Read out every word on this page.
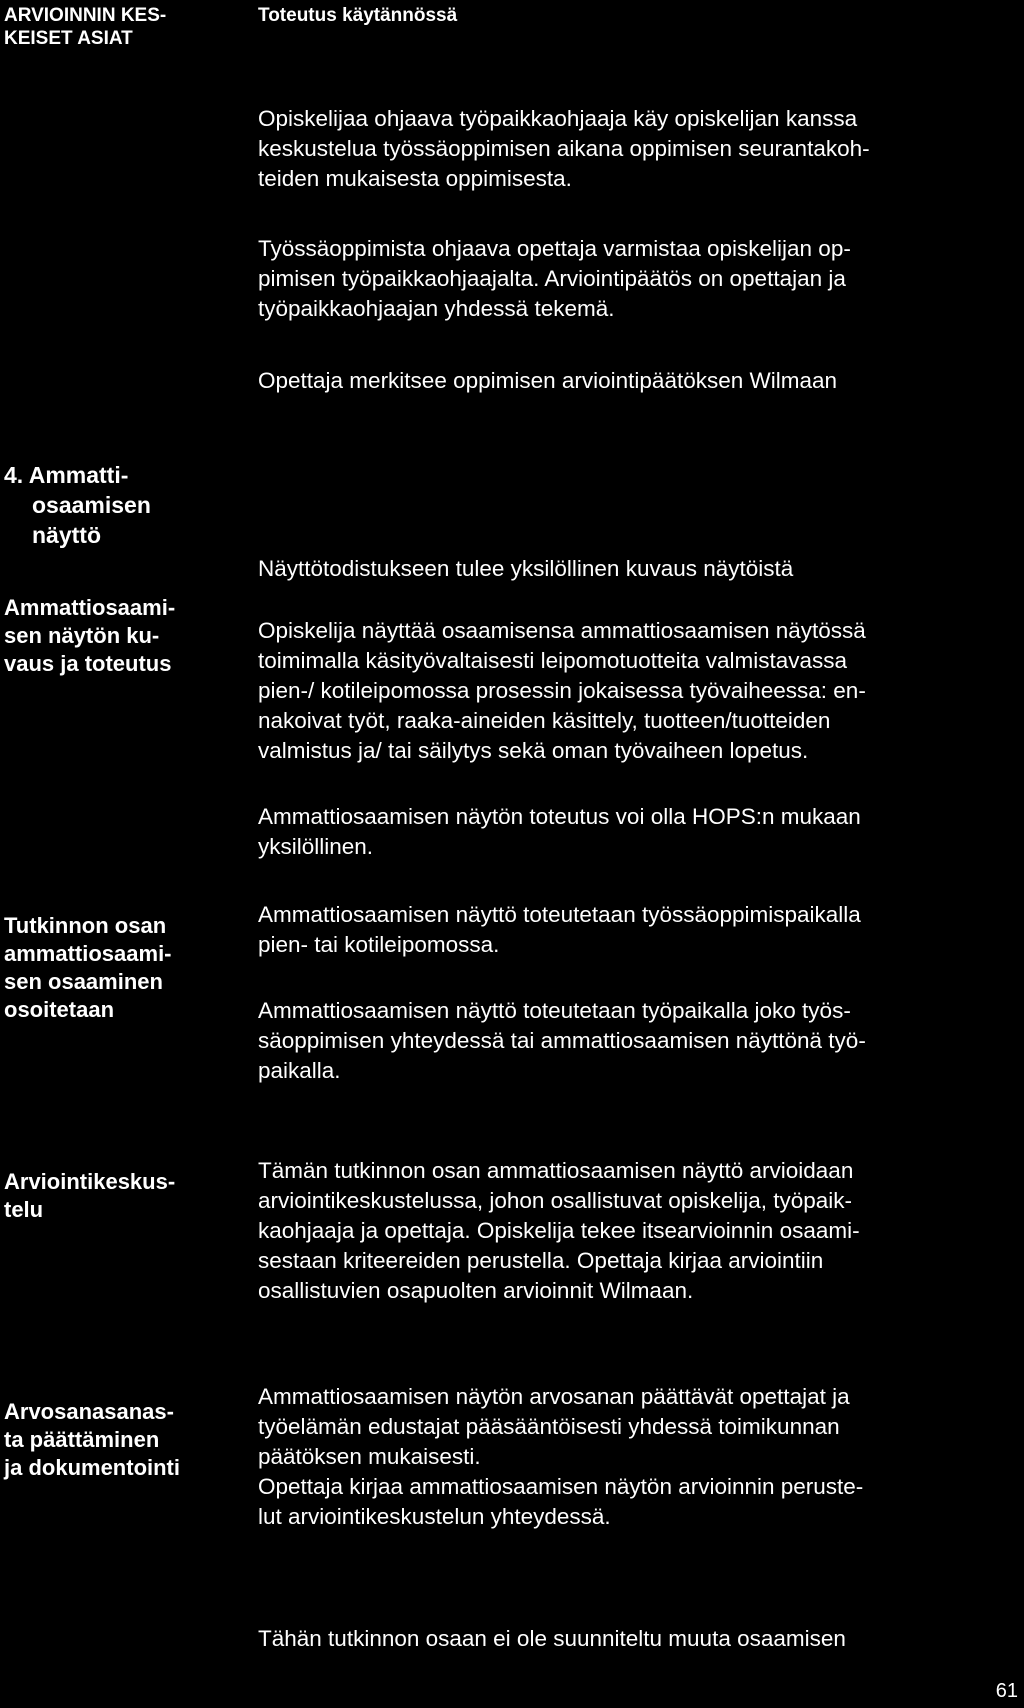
ARVIOINNIN KES-
KEISET ASIAT
Toteutus käytännössä
Opiskelijaa ohjaava työpaikkaohjaaja käy opiskelijan kanssa
keskustelua työssäoppimisen aikana oppimisen seurantakoh-
teiden mukaisesta oppimisesta.
Työssäoppimista ohjaava opettaja varmistaa opiskelijan op-
pimisen työpaikkaohjaajalta. Arviointipäätös on opettajan ja
työpaikkaohjaajan yhdessä tekemä.
Opettaja merkitsee oppimisen arviointipäätöksen Wilmaan
4. Ammatti-
osaamisen
näyttö
Ammattiosaami-
sen näytön ku-
vaus ja toteutus
Näyttötodistukseen tulee yksilöllinen kuvaus näytöistä
Opiskelija näyttää osaamisensa ammattiosaamisen näytössä
toimimalla käsityövaltaisesti leipomotuotteita valmistavassa
pien-/ kotileipomossa prosessin jokaisessa työvaiheessa: en-
nakoivat työt, raaka-aineiden käsittely, tuotteen/tuotteiden
valmistus ja/ tai säilytys sekä oman työvaiheen lopetus.
Ammattiosaamisen näytön toteutus voi olla HOPS:n mukaan
yksilöllinen.
Tutkinnon osan
ammattiosaami-
sen osaaminen
osoitetaan
Ammattiosaamisen näyttö toteutetaan työssäoppimispaikalla
pien- tai kotileipomossa.
Ammattiosaamisen näyttö toteutetaan työpaikalla joko työs-
säoppimisen yhteydessä tai ammattiosaamisen näyttönä työ-
paikalla.
Arviointikeskus-
telu
Tämän tutkinnon osan ammattiosaamisen näyttö arvioidaan
arviointikeskustelussa, johon osallistuvat opiskelija, työpaik-
kaohjaaja ja opettaja. Opiskelija tekee itsearvioinnin osaami-
sestaan kriteereiden perustella. Opettaja kirjaa arviointiin
osallistuvien osapuolten arvioinnit Wilmaan.
Arvosanasanas-
ta päättäminen
ja dokumentointi
Ammattiosaamisen näytön arvosanan päättävät opettajat ja
työelämän edustajat pääsääntöisesti yhdessä toimikunnan
päätöksen mukaisesti.
Opettaja kirjaa ammattiosaamisen näytön arvioinnin peruste-
lut arviointikeskustelun yhteydessä.
Tähän tutkinnon osaan ei ole suunniteltu muuta osaamisen
61
